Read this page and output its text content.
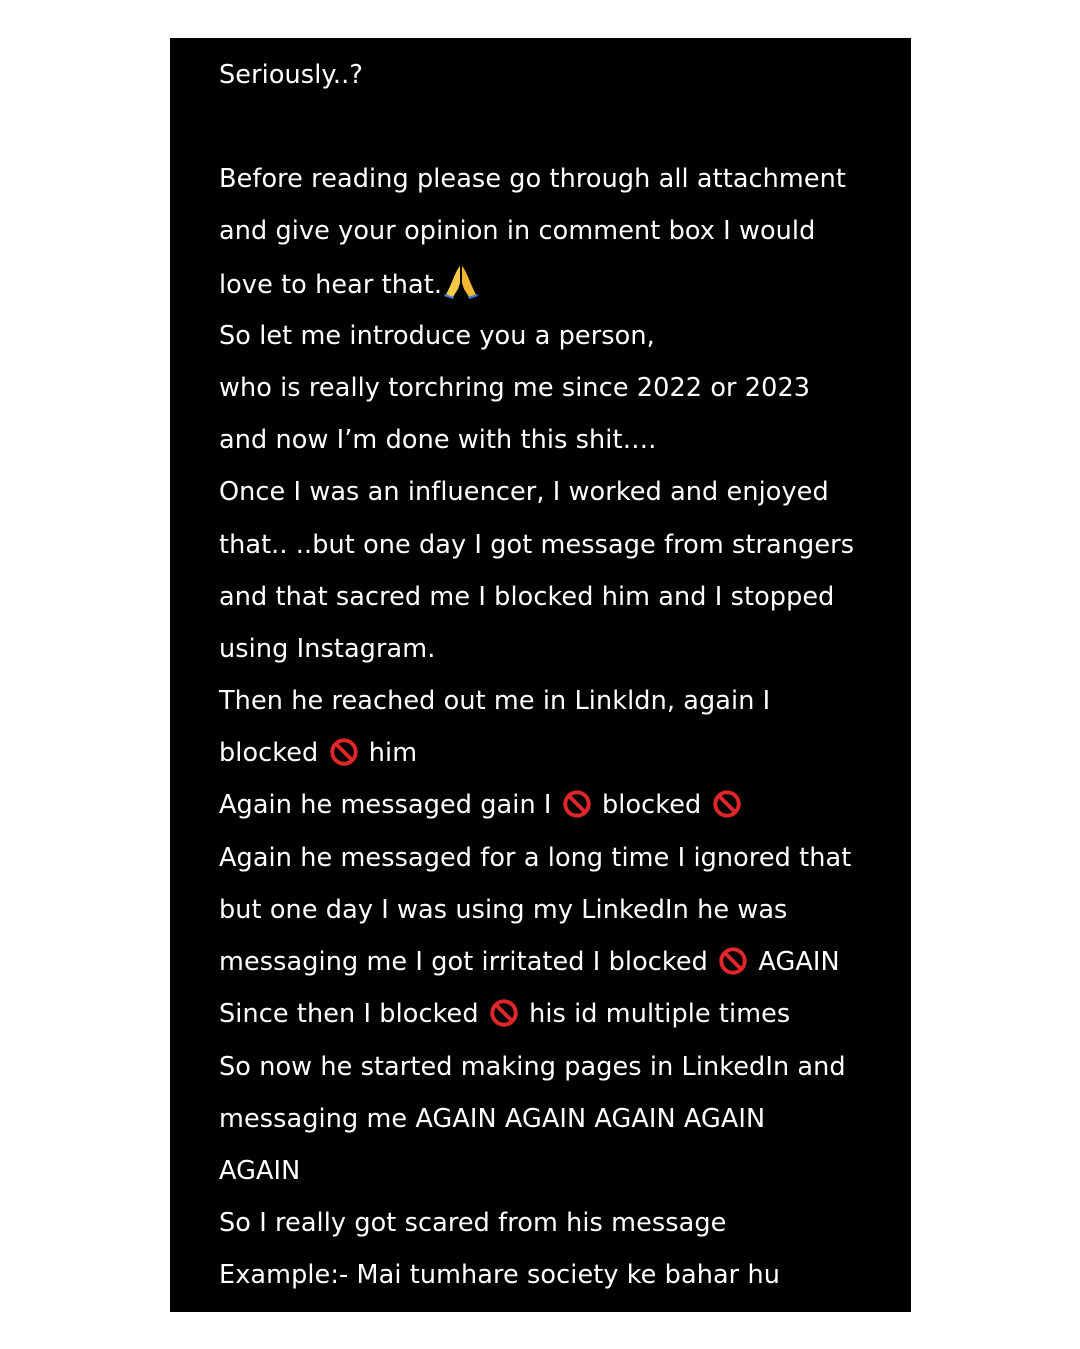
Seriously..?
Before reading please go through all attachment
and give your opinion in comment box I would
love to hear that.
So let me introduce you a person,
who is really torchring me since 2022 or 2023
and now I’m done with this shit….
Once I was an influencer, I worked and enjoyed
that.. ..but one day I got message from strangers
and that sacred me I blocked him and I stopped
using Instagram.
Then he reached out me in Linkldn, again I
blocked him
Again he messaged gain I blocked
Again he messaged for a long time I ignored that
but one day I was using my LinkedIn he was
messaging me I got irritated I blocked AGAIN
Since then I blocked his id multiple times
So now he started making pages in LinkedIn and
messaging me AGAIN AGAIN AGAIN AGAIN
AGAIN
So I really got scared from his message
Example:- Mai tumhare society ke bahar hu
